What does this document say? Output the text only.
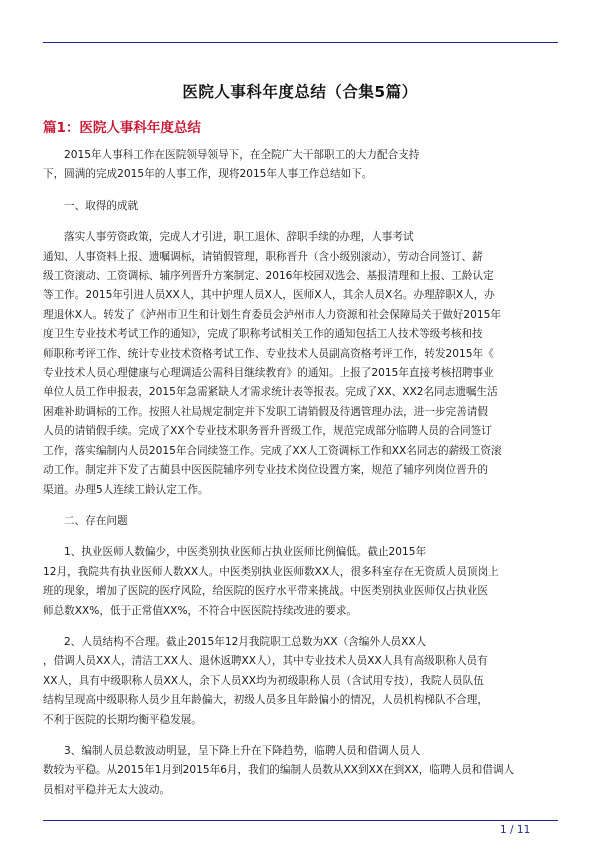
医院人事科年度总结（合集5篇）
篇1：医院人事科年度总结
2015年人事科工作在医院领导领导下，在全院广大干部职工的大力配合支持
下，圆满的完成2015年的人事工作，现将2015年人事工作总结如下。
一、取得的成就
落实人事劳资政策，完成人才引进，职工退休、辞职手续的办理，人事考试
通知、人事资料上报、遗嘱调标，请销假管理，职称晋升（含小级别滚动），劳动合同签订、薪
级工资滚动、工资调标、辅序列晋升方案制定、2016年校园双选会、基报清理和上报、工龄认定
等工作。2015年引进人员XX人，其中护理人员X人，医师X人，其余人员X名。办理辞职X人，办
理退休X人。转发了《泸州市卫生和计划生育委员会泸州市人力资源和社会保障局关于做好2015年
度卫生专业技术考试工作的通知》，完成了职称考试相关工作的通知包括工人技术等级考核和技
师职称考评工作、统计专业技术资格考试工作、专业技术人员副高资格考评工作，转发2015年《
专业技术人员心理健康与心理调适公需科目继续教育》的通知。上报了2015年直接考核招聘事业
单位人员工作申报表，2015年急需紧缺人才需求统计表等报表。完成了XX、XX2名同志遗嘱生活
困难补助调标的工作。按照人社局规定制定并下发职工请销假及待遇管理办法，进一步完善请假
人员的请销假手续。完成了XX个专业技术职务晋升晋级工作，规范完成部分临聘人员的合同签订
工作，落实编制内人员2015年合同续签工作。完成了XX人工资调标工作和XX名同志的薪级工资滚
动工作。制定并下发了古蔺县中医医院辅序列专业技术岗位设置方案，规范了辅序列岗位晋升的
渠道。办理5人连续工龄认定工作。
二、存在问题
1、执业医师人数偏少，中医类别执业医师占执业医师比例偏低。截止2015年
12月，我院共有执业医师人数XX人。中医类别执业医师数XX人，很多科室存在无资质人员顶岗上
班的现象，增加了医院的医疗风险，给医院的医疗水平带来挑战。中医类别执业医师仅占执业医
师总数XX%，低于正常值XX%，不符合中医医院持续改进的要求。
2、人员结构不合理。截止2015年12月我院职工总数为XX（含编外人员XX人
，借调人员XX人，清洁工XX人、退休返聘XX人），其中专业技术人员XX人具有高级职称人员有
XX人，具有中级职称人员XX人，余下人员XX均为初级职称人员（含试用专技），我院人员队伍
结构呈现高中级职称人员少且年龄偏大，初级人员多且年龄偏小的情况，人员机构梯队不合理，
不利于医院的长期均衡平稳发展。
3、编制人员总数波动明显，呈下降上升在下降趋势，临聘人员和借调人员人
数较为平稳。从2015年1月到2015年6月，我们的编制人员数从XX到XX在到XX，临聘人员和借调人
员相对平稳并无太大波动。
1 / 11
